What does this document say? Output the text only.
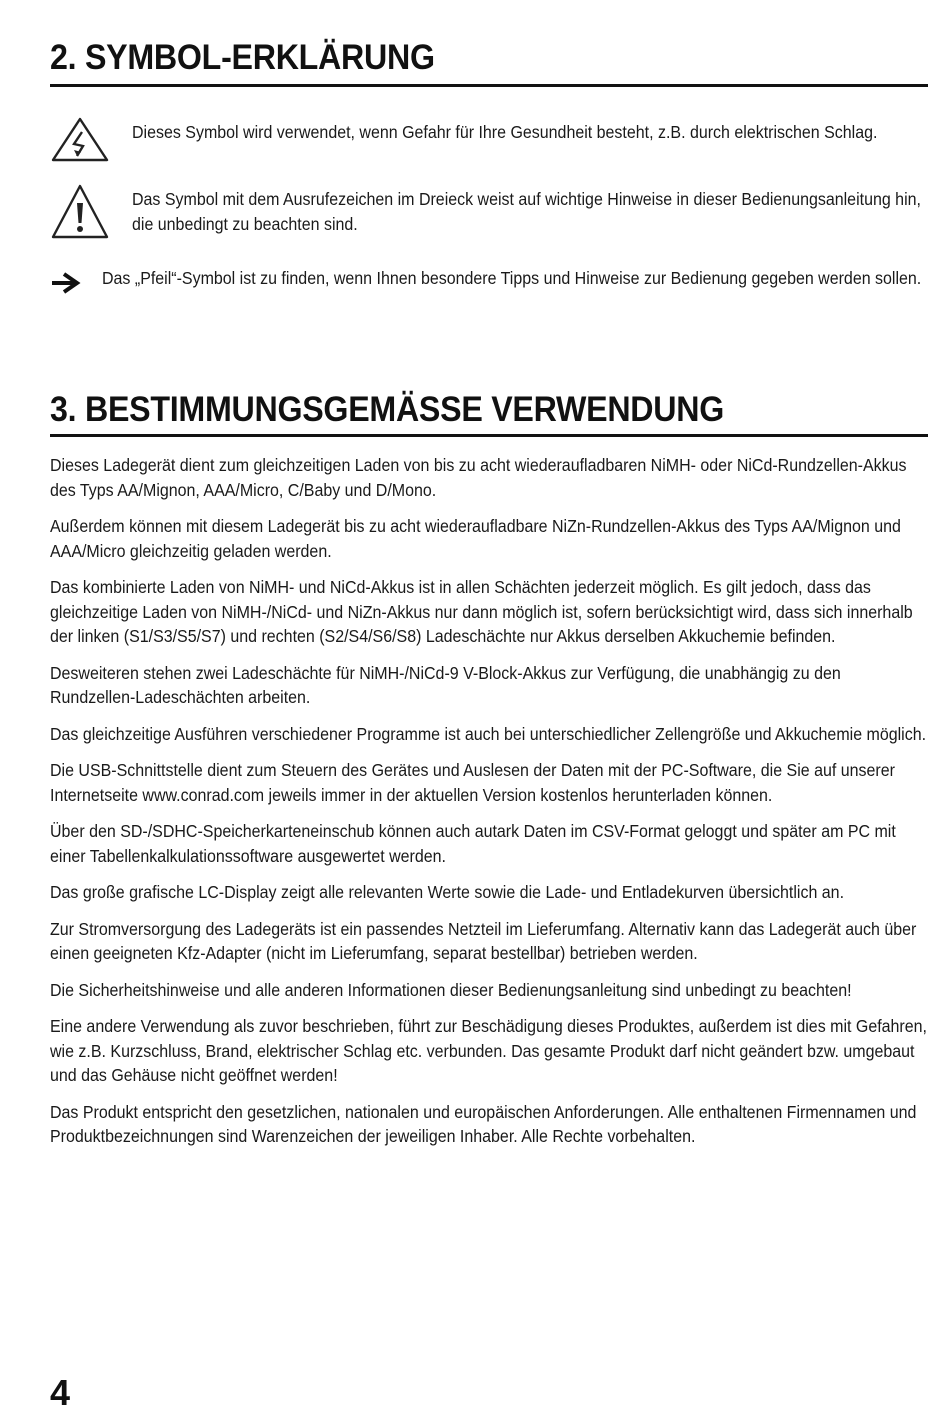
2. SYMBOL-ERKLÄRUNG
Dieses Symbol wird verwendet, wenn Gefahr für Ihre Gesundheit besteht, z.B. durch elektrischen Schlag.
Das Symbol mit dem Ausrufezeichen im Dreieck weist auf wichtige Hinweise in dieser Bedienungsanleitung hin, die unbedingt zu beachten sind.
Das „Pfeil“-Symbol ist zu finden, wenn Ihnen besondere Tipps und Hinweise zur Bedienung gegeben werden sollen.
3. BESTIMMUNGSGEMÄSSE VERWENDUNG

Dieses Ladegerät dient zum gleichzeitigen Laden von bis zu acht wiederaufladbaren NiMH- oder NiCd-Rundzellen-Akkus des Typs AA/Mignon, AAA/Micro, C/Baby und D/Mono.

Außerdem können mit diesem Ladegerät bis zu acht wiederaufladbare NiZn-Rundzellen-Akkus des Typs AA/Mignon und AAA/Micro gleichzeitig geladen werden.

Das kombinierte Laden von NiMH- und NiCd-Akkus ist in allen Schächten jederzeit möglich. Es gilt jedoch, dass das gleichzeitige Laden von NiMH-/NiCd- und NiZn-Akkus nur dann möglich ist, sofern berücksichtigt wird, dass sich innerhalb der linken (S1/S3/S5/S7) und rechten (S2/S4/S6/S8) Ladeschächte nur Akkus derselben Akkuchemie befinden.

Desweiteren stehen zwei Ladeschächte für NiMH-/NiCd-9 V-Block-Akkus zur Verfügung, die unabhängig zu den Rundzellen-Ladeschächten arbeiten.

Das gleichzeitige Ausführen verschiedener Programme ist auch bei unterschiedlicher Zellengröße und Akkuchemie möglich.

Die USB-Schnittstelle dient zum Steuern des Gerätes und Auslesen der Daten mit der PC-Software, die Sie auf unserer Internetseite www.conrad.com jeweils immer in der aktuellen Version kostenlos herunterladen können.

Über den SD-/SDHC-Speicherkarteneinschub können auch autark Daten im CSV-Format geloggt und später am PC mit einer Tabellenkalkulationssoftware ausgewertet werden.

Das große grafische LC-Display zeigt alle relevanten Werte sowie die Lade- und Entladekurven übersichtlich an.

Zur Stromversorgung des Ladegeräts ist ein passendes Netzteil im Lieferumfang. Alternativ kann das Ladegerät auch über einen geeigneten Kfz-Adapter (nicht im Lieferumfang, separat bestellbar) betrieben werden.

Die Sicherheitshinweise und alle anderen Informationen dieser Bedienungsanleitung sind unbedingt zu beachten!

Eine andere Verwendung als zuvor beschrieben, führt zur Beschädigung dieses Produktes, außerdem ist dies mit Gefahren, wie z.B. Kurzschluss, Brand, elektrischer Schlag etc. verbunden. Das gesamte Produkt darf nicht geändert bzw. umgebaut und das Gehäuse nicht geöffnet werden!

Das Produkt entspricht den gesetzlichen, nationalen und europäischen Anforderungen. Alle enthaltenen Firmennamen und Produktbezeichnungen sind Warenzeichen der jeweiligen Inhaber. Alle Rechte vorbehalten.

4
